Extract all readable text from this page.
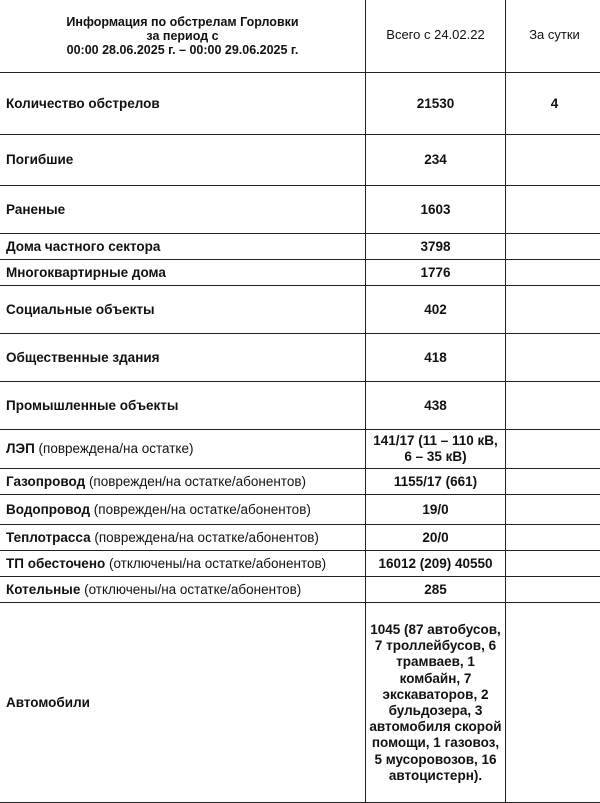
Информация по обстрелам Горловки
за период с
00:00 28.06.2025 г. – 00:00 29.06.2025 г.	Всего с 24.02.22	За сутки
Количество обстрелов	21530	4
Погибшие	234	
Раненые	1603	
Дома частного сектора	3798	
Многоквартирные дома	1776	
Социальные объекты	402	
Общественные здания	418	
Промышленные объекты	438	
ЛЭП (повреждена/на остатке)	141/17 (11 – 110 кВ, 6 – 35 кВ)	
Газопровод (поврежден/на остатке/абонентов)	1155/17 (661)	
Водопровод (поврежден/на остатке/абонентов)	19/0	
Теплотрасса (повреждена/на остатке/абонентов)	20/0	
ТП обесточено (отключены/на остатке/абонентов)	16012 (209) 40550	
Котельные (отключены/на остатке/абонентов)	285	
Автомобили	1045 (87 автобусов, 7 троллейбусов, 6 трамваев, 1 комбайн, 7 экскаваторов, 2 бульдозера, 3 автомобиля скорой помощи, 1 газовоз, 5 мусоровозов, 16 автоцистерн).	
